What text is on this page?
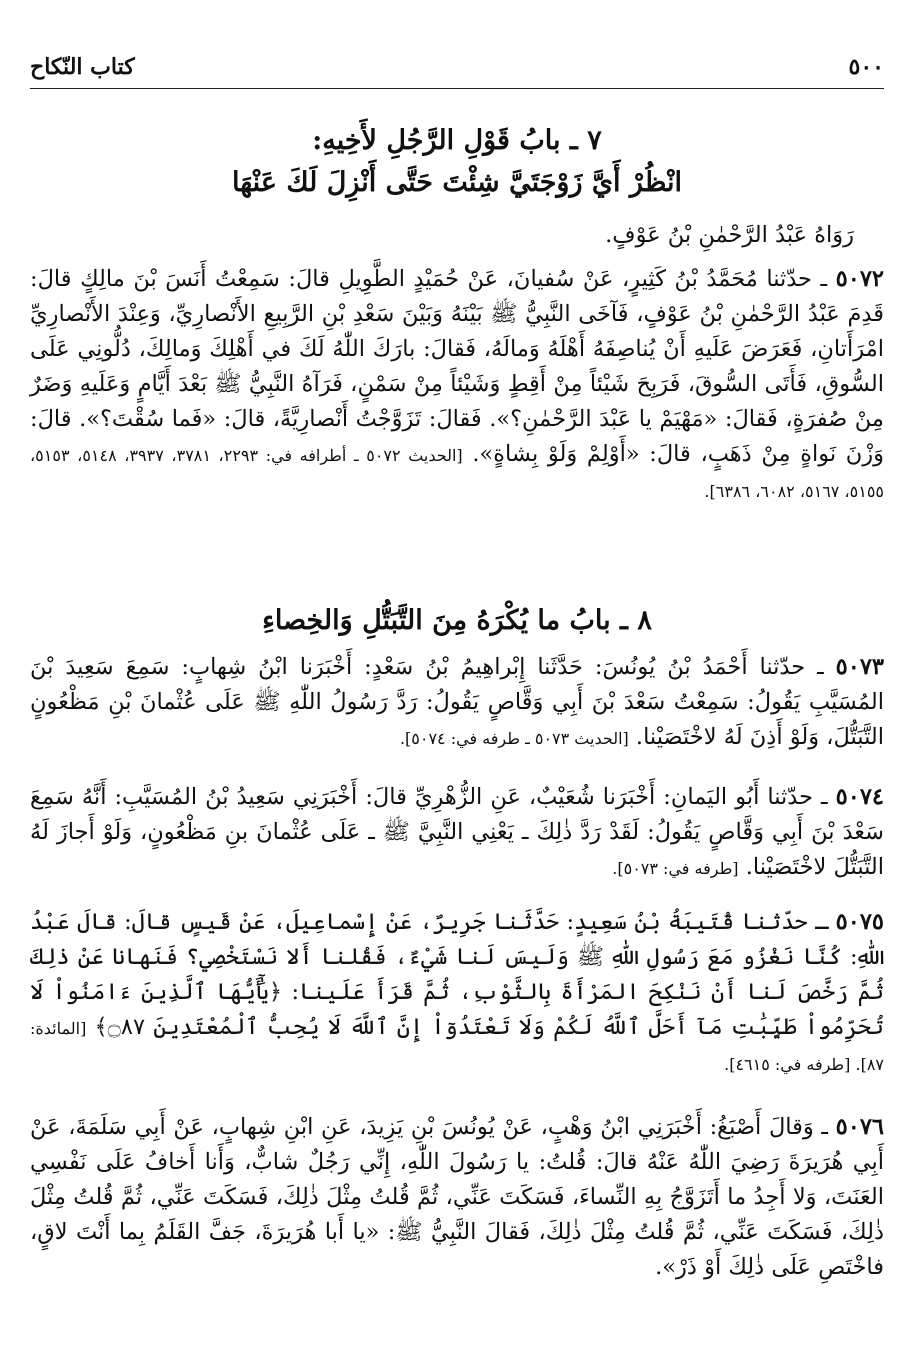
٥٠٠
كتاب النّكاح
٧ ـ بابُ قَوْلِ الرَّجُلِ لأَخِيهِ:
انْظُرْ أَيَّ زَوْجَتَيَّ شِئْتَ حَتَّى أَنْزِلَ لَكَ عَنْهَا

رَوَاهُ عَبْدُ الرَّحْمٰنِ بْنُ عَوْفٍ.

٥٠٧٢ ـ حدّثنا مُحَمَّدُ بْنُ كَثِيرٍ، عَنْ سُفيانَ، عَنْ حُمَيْدٍ الطَّوِيلِ قالَ: سَمِعْتُ أَنَسَ بْنَ مالِكٍ قالَ: قَدِمَ عَبْدُ الرَّحْمٰنِ بْنُ عَوْفٍ، فَآخَى النَّبِيُّ ﷺ بَيْنَهُ وَبَيْنَ سَعْدِ بْنِ الرَّبِيعِ الأَنْصارِيِّ، وَعِنْدَ الأَنْصارِيِّ امْرَأَتانِ، فَعَرَضَ عَلَيهِ أَنْ يُناصِفَهُ أَهْلَهُ وَمالَهُ، فَقالَ: بارَكَ اللّٰهُ لَكَ في أَهْلِكَ وَمالِكَ، دُلُّونِي عَلَى السُّوقِ، فَأَتَى السُّوقَ، فَرَبِحَ شَيْئاً مِنْ أَقِطٍ وَشَيْئاً مِنْ سَمْنٍ، فَرَآهُ النَّبِيُّ ﷺ بَعْدَ أَيَّامٍ وَعَلَيهِ وَضَرٌ مِنْ صُفرَةٍ، فَقالَ: «مَهْيَمْ يا عَبْدَ الرَّحْمٰنِ؟». فَقالَ: تَزَوَّجْتُ أَنْصارِيَّةً، قالَ: «فَما سُقْتَ؟». قالَ: وَزْنَ نَواةٍ مِنْ ذَهَبٍ، قالَ: «أَوْلِمْ وَلَوْ بِشاةٍ». [الحديث ٥٠٧٢ ـ أطرافه في: ٢٢٩٣، ٣٧٨١، ٣٩٣٧، ٥١٤٨، ٥١٥٣، ٥١٥٥، ٥١٦٧، ٦٠٨٢، ٦٣٨٦].

٨ ـ بابُ ما يُكْرَهُ مِنَ التَّبَتُّلِ وَالخِصاءِ

٥٠٧٣ ـ حدّثنا أَحْمَدُ بْنُ يُونُسَ: حَدَّثَنا إِبْراهِيمُ بْنُ سَعْدٍ: أَخْبَرَنا ابْنُ شِهابٍ: سَمِعَ سَعِيدَ بْنَ المُسَيَّبِ يَقُولُ: سَمِعْتُ سَعْدَ بْنَ أَبِي وَقَّاصٍ يَقُولُ: رَدَّ رَسُولُ اللّٰهِ ﷺ عَلَى عُثْمانَ بْنِ مَظْعُونٍ التَّبَتُّلَ، وَلَوْ أَذِنَ لَهُ لاخْتَصَيْنا. [الحديث ٥٠٧٣ ـ طرفه في: ٥٠٧٤].

٥٠٧٤ ـ حدّثنا أَبُو اليَمانِ: أَخْبَرَنا شُعَيْبٌ، عَنِ الزُّهْرِيِّ قالَ: أَخْبَرَنِي سَعِيدُ بْنُ المُسَيَّبِ: أَنَّهُ سَمِعَ سَعْدَ بْنَ أَبِي وَقَّاصٍ يَقُولُ: لَقَدْ رَدَّ ذٰلِكَ ـ يَعْنِي النَّبِيَّ ﷺ ـ عَلَى عُثْمانَ بنِ مَظْعُونٍ، وَلَوْ أَجازَ لَهُ التَّبَتُّلَ لاخْتَصَيْنا. [طرفه في: ٥٠٧٣].

٥٠٧٥ ـ حدّثنا قُتَيبَةُ بْنُ سَعِيدٍ: حَدَّثَنا جَرِيرٌ، عَنْ إِسْماعِيلَ، عَنْ قَيسٍ قالَ: قالَ عَبْدُ اللّٰهِ: كُنَّا نَغْزُو مَعَ رَسُولِ اللّٰهِ ﷺ وَلَيسَ لَنا شَيْءٌ، فَقُلنا أَلا نَسْتَخْصِي؟ فَنَهانا عَنْ ذٰلِكَ ثُمَّ رَخَّصَ لَنا أَنْ نَنْكِحَ المَرْأَةَ بِالثَّوْبِ، ثُمَّ قَرَأَ عَلَينا: ﴿يَٰٓأَيُّهَا ٱلَّذِينَ ءَامَنُواْ لَا تُحَرِّمُواْ طَيِّبَٰتِ مَآ أَحَلَّ ٱللَّهُ لَكُمْ وَلَا تَعْتَدُوٓاْ إِنَّ ٱللَّهَ لَا يُحِبُّ ٱلْمُعْتَدِينَ ۝٨٧﴾ [المائدة: ٨٧]. [طرفه في: ٤٦١٥].

٥٠٧٦ ـ وَقالَ أَصْبَغُ: أَخْبَرَنِي ابْنُ وَهْبٍ، عَنْ يُونُسَ بْنِ يَزِيدَ، عَنِ ابْنِ شِهابٍ، عَنْ أَبِي سَلَمَةَ، عَنْ أَبِي هُرَيرَةَ رَضِيَ اللّٰهُ عَنْهُ قالَ: قُلتُ: يا رَسُولَ اللّٰهِ، إِنِّي رَجُلٌ شابٌّ، وَأَنا أَخافُ عَلَى نَفْسِي العَنَتَ، وَلا أَجِدُ ما أَتَزَوَّجُ بِهِ النِّساءَ، فَسَكَتَ عَنِّي، ثُمَّ قُلتُ مِثْلَ ذٰلِكَ، فَسَكَتَ عَنِّي، ثُمَّ قُلتُ مِثْلَ ذٰلِكَ، فَسَكَتَ عَنِّي، ثُمَّ قُلتُ مِثْلَ ذٰلِكَ، فَقالَ النَّبِيُّ ﷺ: «يا أَبا هُرَيرَةَ، جَفَّ القَلَمُ بِما أَنْتَ لاقٍ، فاخْتَصِ عَلَى ذٰلِكَ أَوْ ذَرْ».
